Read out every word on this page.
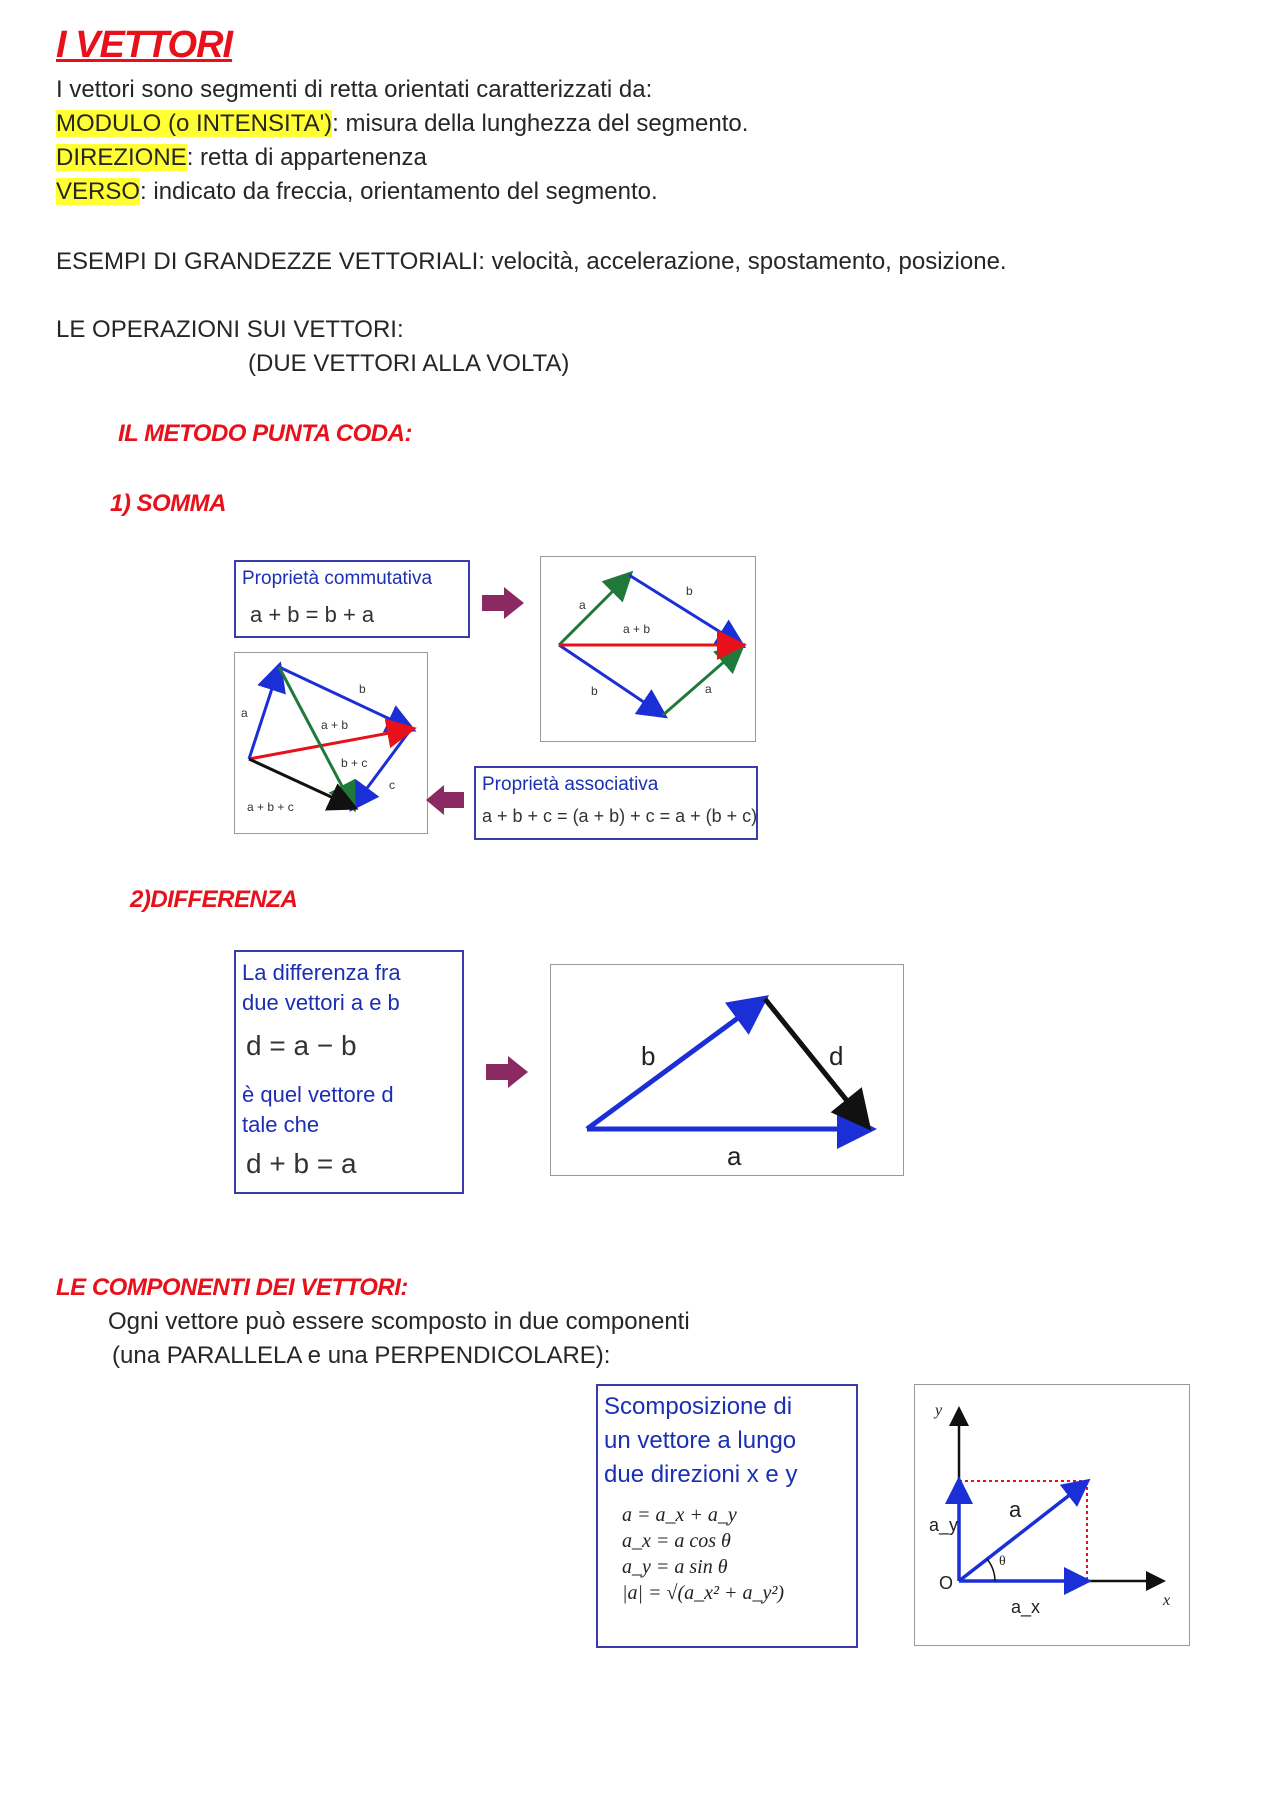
I VETTORI
I vettori sono segmenti di retta orientati caratterizzati da:
MODULO (o INTENSITA'): misura della lunghezza del segmento.
DIREZIONE: retta di appartenenza
VERSO: indicato da freccia, orientamento del segmento.
ESEMPI DI GRANDEZZE VETTORIALI: velocità, accelerazione, spostamento, posizione.
LE OPERAZIONI SUI VETTORI:
(DUE VETTORI ALLA VOLTA)
IL METODO PUNTA CODA:
1) SOMMA
Proprietà commutativa
a + b = b + a	a
b
a + b
b	a
a
b
a + b
b + c
c
a + b + c
Proprietà associativa
a + b + c = (a + b) + c = a + (b + c)
2)DIFFERENZA
La differenza fra
due vettori a e b
d = a − b
è quel vettore d
tale che
d + b = a
b	d
a
LE COMPONENTI DEI VETTORI:
Ogni vettore può essere scomposto in due componenti
(una PARALLELA e una PERPENDICOLARE):
Scomposizione di
un vettore a lungo
due direzioni x e y
a = a_x + a_y
a_x = a cos θ
a_y = a sin θ
|a| = √(a_x² + a_y²)
y
x
O
a
a_y
a_x
θ
